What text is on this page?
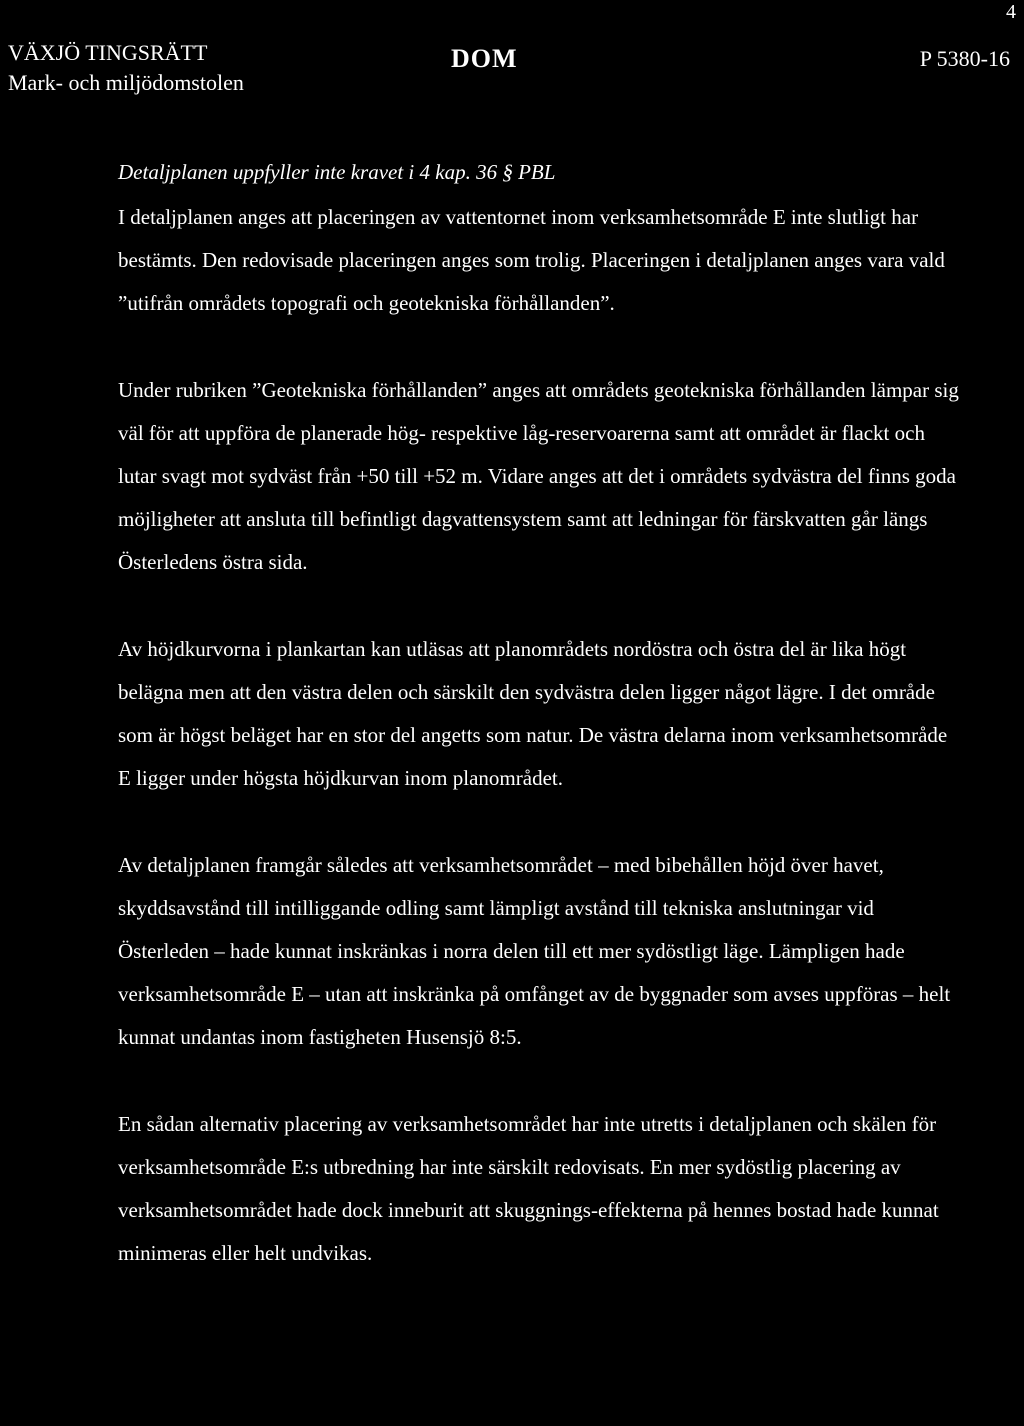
4
VÄXJÖ TINGSRÄTT
Mark- och miljödomstolen
DOM	P 5380-16
Detaljplanen uppfyller inte kravet i 4 kap. 36 § PBL

I detaljplanen anges att placeringen av vattentornet inom verksamhetsområde E inte slutligt har bestämts. Den redovisade placeringen anges som trolig. Placeringen i detaljplanen anges vara vald ”utifrån områdets topografi och geotekniska förhållanden”.

Under rubriken ”Geotekniska förhållanden” anges att områdets geotekniska förhållanden lämpar sig väl för att uppföra de planerade hög- respektive låg-reservoarerna samt att området är flackt och lutar svagt mot sydväst från +50 till +52 m. Vidare anges att det i områdets sydvästra del finns goda möjligheter att ansluta till befintligt dagvattensystem samt att ledningar för färskvatten går längs Österledens östra sida.

Av höjdkurvorna i plankartan kan utläsas att planområdets nordöstra och östra del är lika högt belägna men att den västra delen och särskilt den sydvästra delen ligger något lägre. I det område som är högst beläget har en stor del angetts som natur. De västra delarna inom verksamhetsområde E ligger under högsta höjdkurvan inom planområdet.

Av detaljplanen framgår således att verksamhetsområdet – med bibehållen höjd över havet, skyddsavstånd till intilliggande odling samt lämpligt avstånd till tekniska anslutningar vid Österleden – hade kunnat inskränkas i norra delen till ett mer sydöstligt läge. Lämpligen hade verksamhetsområde E – utan att inskränka på omfånget av de byggnader som avses uppföras – helt kunnat undantas inom fastigheten Husensjö 8:5.

En sådan alternativ placering av verksamhetsområdet har inte utretts i detaljplanen och skälen för verksamhetsområde E:s utbredning har inte särskilt redovisats. En mer sydöstlig placering av verksamhetsområdet hade dock inneburit att skuggnings-effekterna på hennes bostad hade kunnat minimeras eller helt undvikas.
